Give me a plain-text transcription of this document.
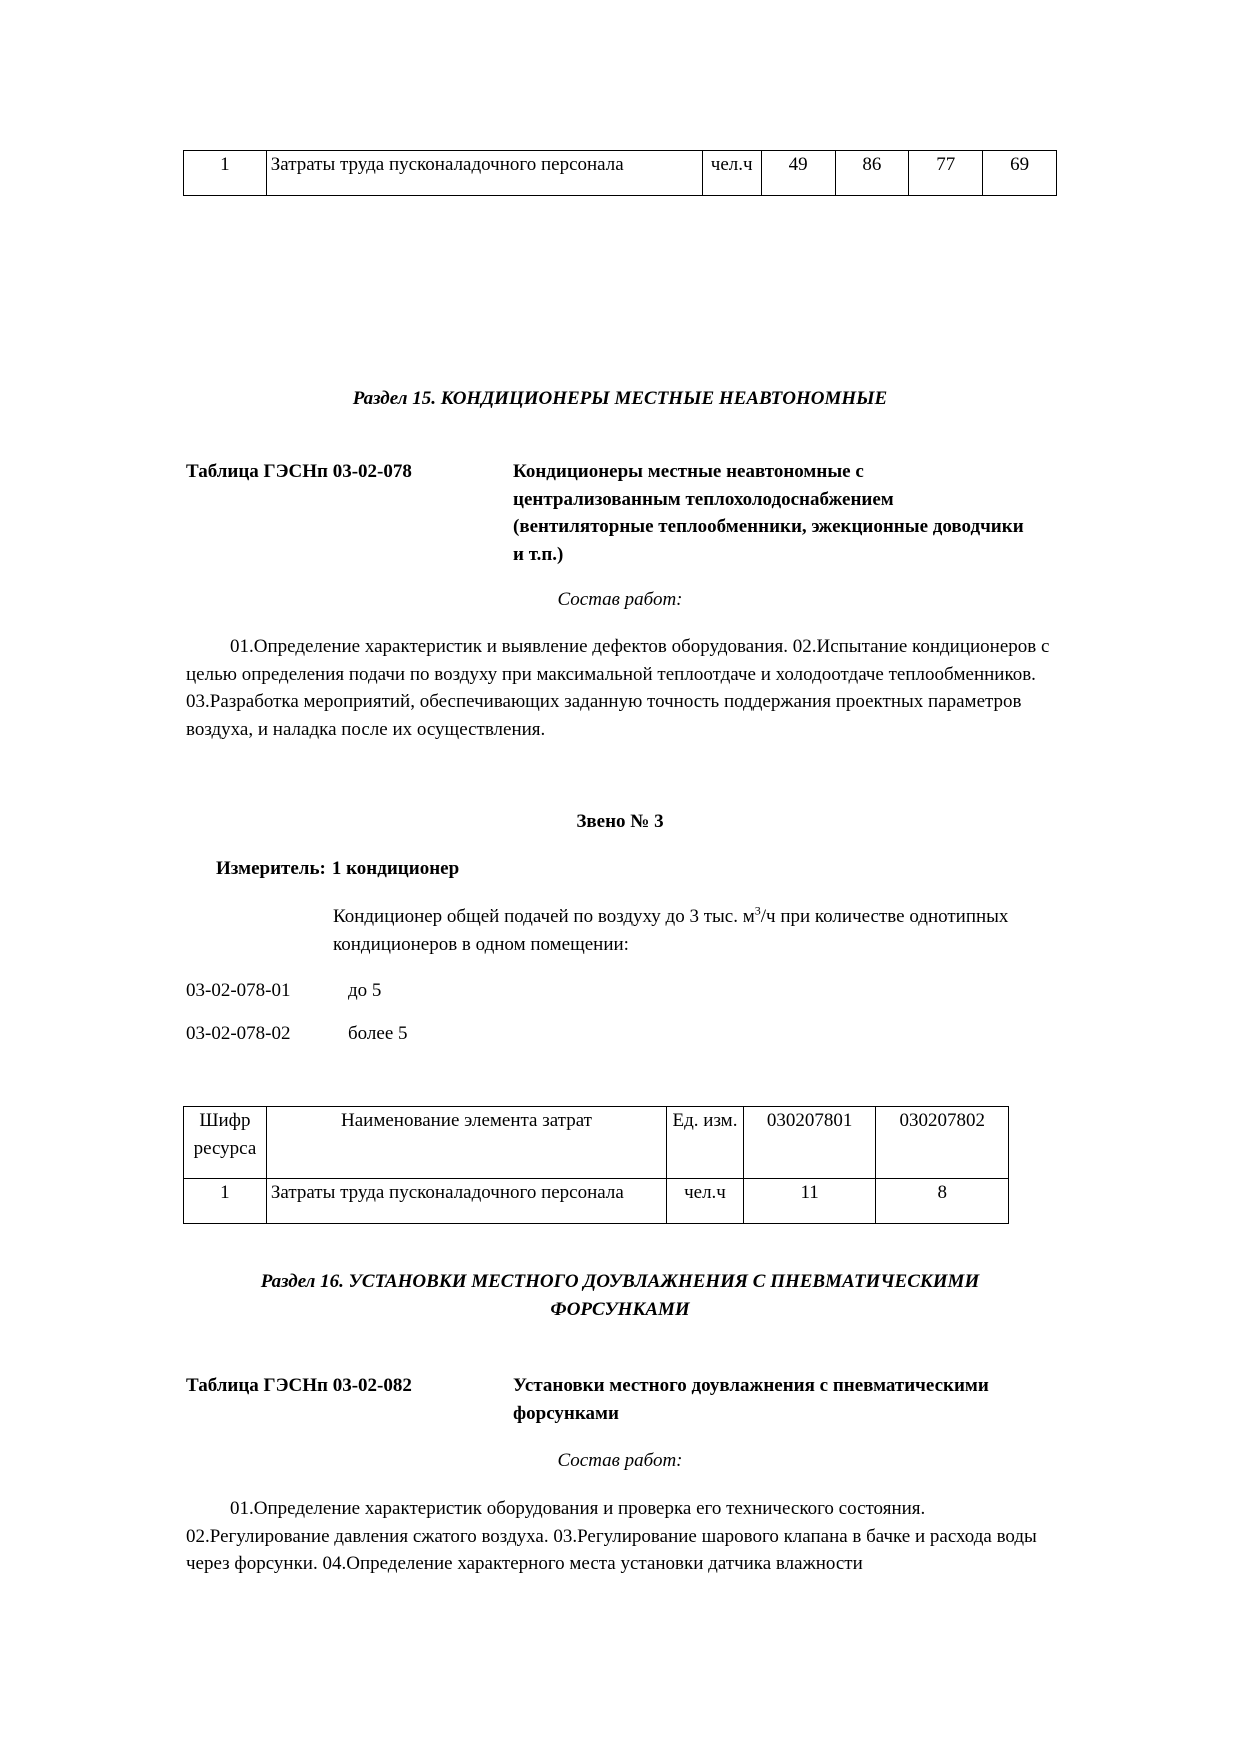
1	Затраты труда пусконаладочного персонала	чел.ч	49	86	77	69

Раздел 15. КОНДИЦИОНЕРЫ МЕСТНЫЕ НЕАВТОНОМНЫЕ

Таблица ГЭСНп 03-02-078	Кондиционеры местные неавтономные с централизованным теплохолодоснабжением (вентиляторные теплообменники, эжекционные доводчики и т.п.)

Состав работ:

01.Определение характеристик и выявление дефектов оборудования. 02.Испытание кондиционеров с целью определения подачи по воздуху при максимальной теплоотдаче и холодоотдаче теплообменников. 03.Разработка мероприятий, обеспечивающих заданную точность поддержания проектных параметров воздуха, и наладка после их осуществления.

Звено № 3

Измеритель: 1 кондиционер

Кондиционер общей подачей по воздуху до 3 тыс. $м^3/ч$ при количестве однотипных кондиционеров в одном помещении:

03-02-078-01	до 5

03-02-078-02	более 5

Шифр ресурса	Наименование элемента затрат	Ед. изм.	030207801	030207802
1	Затраты труда пусконаладочного персонала	чел.ч	11	8

Раздел 16. УСТАНОВКИ МЕСТНОГО ДОУВЛАЖНЕНИЯ С ПНЕВМАТИЧЕСКИМИ ФОРСУНКАМИ

Таблица ГЭСНп 03-02-082	Установки местного доувлажнения с пневматическими форсунками

Состав работ:

01.Определение характеристик оборудования и проверка его технического состояния. 02.Регулирование давления сжатого воздуха. 03.Регулирование шарового клапана в бачке и расхода воды через форсунки. 04.Определение характерного места установки датчика влажности
